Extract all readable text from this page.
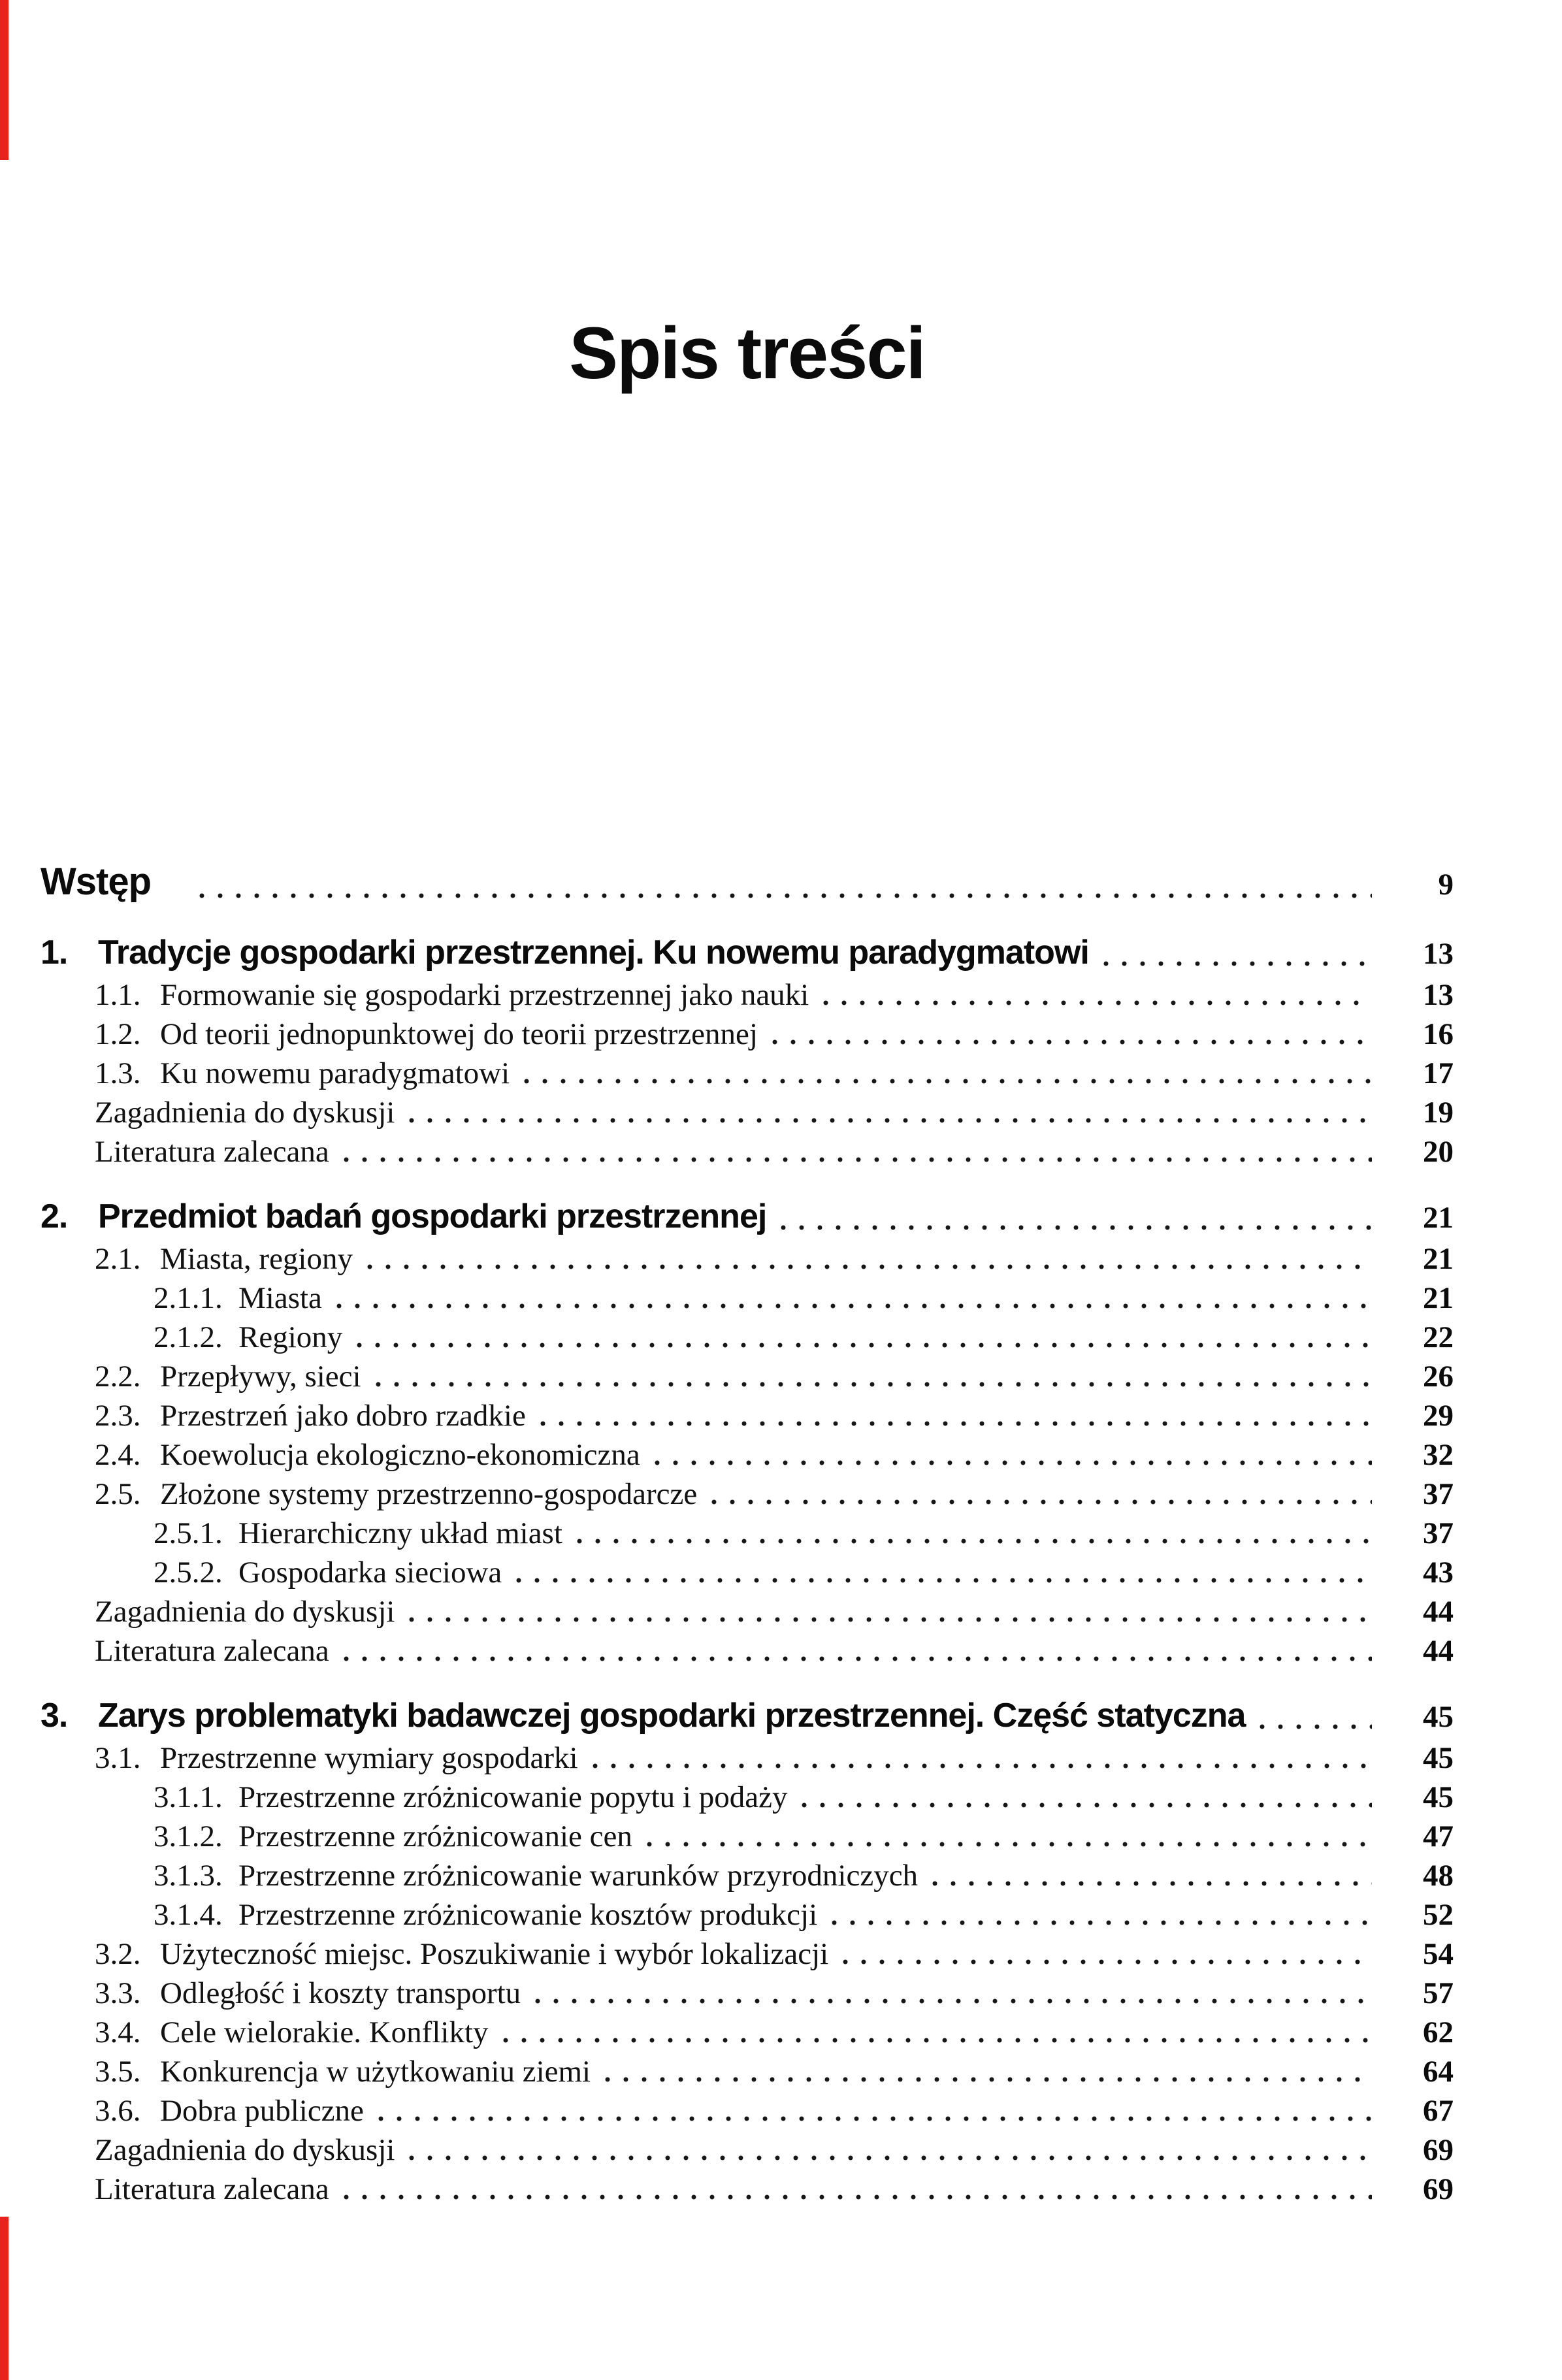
Spis treści
Wstęp	9
1. Tradycje gospodarki przestrzennej. Ku nowemu paradygmatowi	13
1.1. Formowanie się gospodarki przestrzennej jako nauki	13
1.2. Od teorii jednopunktowej do teorii przestrzennej	16
1.3. Ku nowemu paradygmatowi	17
Zagadnienia do dyskusji	19
Literatura zalecana	20
2. Przedmiot badań gospodarki przestrzennej	21
2.1. Miasta, regiony	21
2.1.1. Miasta	21
2.1.2. Regiony	22
2.2. Przepływy, sieci	26
2.3. Przestrzeń jako dobro rzadkie	29
2.4. Koewolucja ekologiczno-ekonomiczna	32
2.5. Złożone systemy przestrzenno-gospodarcze	37
2.5.1. Hierarchiczny układ miast	37
2.5.2. Gospodarka sieciowa	43
Zagadnienia do dyskusji	44
Literatura zalecana	44
3. Zarys problematyki badawczej gospodarki przestrzennej. Część statyczna	45
3.1. Przestrzenne wymiary gospodarki	45
3.1.1. Przestrzenne zróżnicowanie popytu i podaży	45
3.1.2. Przestrzenne zróżnicowanie cen	47
3.1.3. Przestrzenne zróżnicowanie warunków przyrodniczych	48
3.1.4. Przestrzenne zróżnicowanie kosztów produkcji	52
3.2. Użyteczność miejsc. Poszukiwanie i wybór lokalizacji	54
3.3. Odległość i koszty transportu	57
3.4. Cele wielorakie. Konflikty	62
3.5. Konkurencja w użytkowaniu ziemi	64
3.6. Dobra publiczne	67
Zagadnienia do dyskusji	69
Literatura zalecana	69
